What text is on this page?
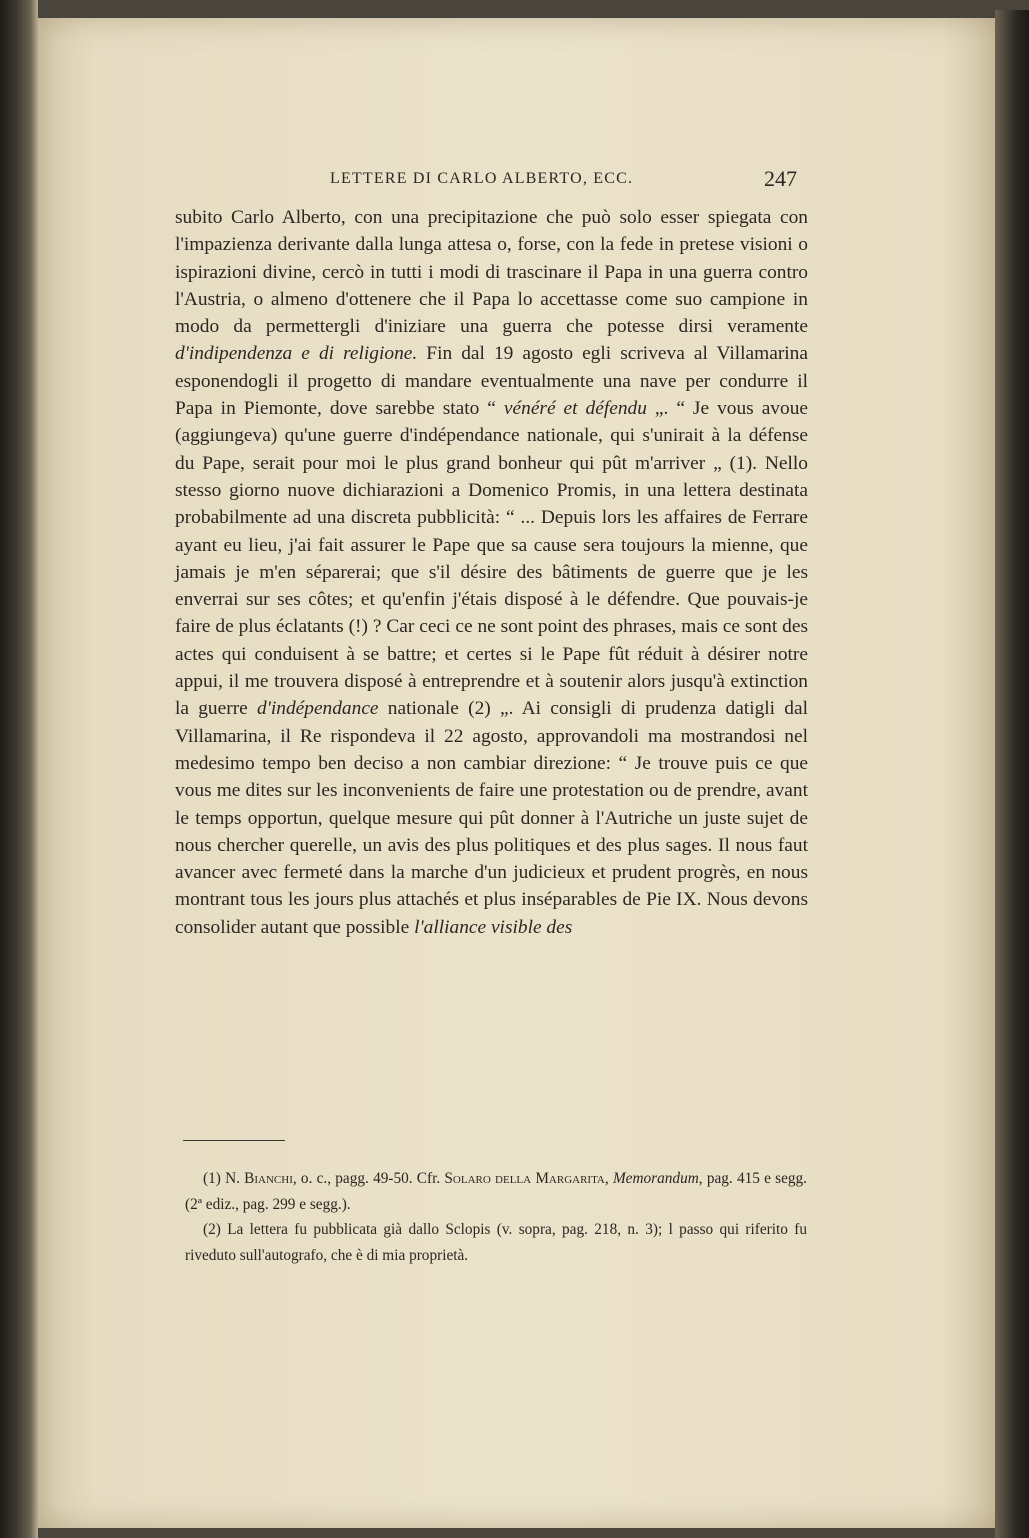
LETTERE DI CARLO ALBERTO, ECC.	247

subito Carlo Alberto, con una precipitazione che può solo esser spiegata con l'impazienza derivante dalla lunga attesa o, forse, con la fede in pretese visioni o ispirazioni divine, cercò in tutti i modi di trascinare il Papa in una guerra contro l'Austria, o almeno d'ottenere che il Papa lo accettasse come suo campione in modo da permettergli d'iniziare una guerra che potesse dirsi veramente d'indipendenza e di religione. Fin dal 19 agosto egli scriveva al Villamarina esponendogli il progetto di mandare eventualmente una nave per condurre il Papa in Piemonte, dove sarebbe stato “ vénéré et défendu „. “ Je vous avoue (aggiungeva) qu'une guerre d'indépendance nationale, qui s'unirait à la défense du Pape, serait pour moi le plus grand bonheur qui pût m'arriver „ (1). Nello stesso giorno nuove dichiarazioni a Domenico Promis, in una lettera destinata probabilmente ad una discreta pubblicità: “ ... Depuis lors les affaires de Ferrare ayant eu lieu, j'ai fait assurer le Pape que sa cause sera toujours la mienne, que jamais je m'en séparerai; que s'il désire des bâtiments de guerre que je les enverrai sur ses côtes; et qu'enfin j'étais disposé à le défendre. Que pouvais-je faire de plus éclatants (!) ? Car ceci ce ne sont point des phrases, mais ce sont des actes qui conduisent à se battre; et certes si le Pape fût réduit à désirer notre appui, il me trouvera disposé à entreprendre et à soutenir alors jusqu'à extinction la guerre d'indépendance nationale (2) „. Ai consigli di prudenza datigli dal Villamarina, il Re rispondeva il 22 agosto, approvandoli ma mostrandosi nel medesimo tempo ben deciso a non cambiar direzione: “ Je trouve puis ce que vous me dites sur les inconvenients de faire une protestation ou de prendre, avant le temps opportun, quelque mesure qui pût donner à l'Autriche un juste sujet de nous chercher querelle, un avis des plus politiques et des plus sages. Il nous faut avancer avec fermeté dans la marche d'un judicieux et prudent progrès, en nous montrant tous les jours plus attachés et plus inséparables de Pie IX. Nous devons consolider autant que possible l'alliance visible des

(1) N. Bianchi, o. c., pagg. 49-50. Cfr. Solaro della Margarita, Memorandum, pag. 415 e segg. (2ª ediz., pag. 299 e segg.).

(2) La lettera fu pubblicata già dallo Sclopis (v. sopra, pag. 218, n. 3); l passo qui riferito fu riveduto sull'autografo, che è di mia proprietà.
